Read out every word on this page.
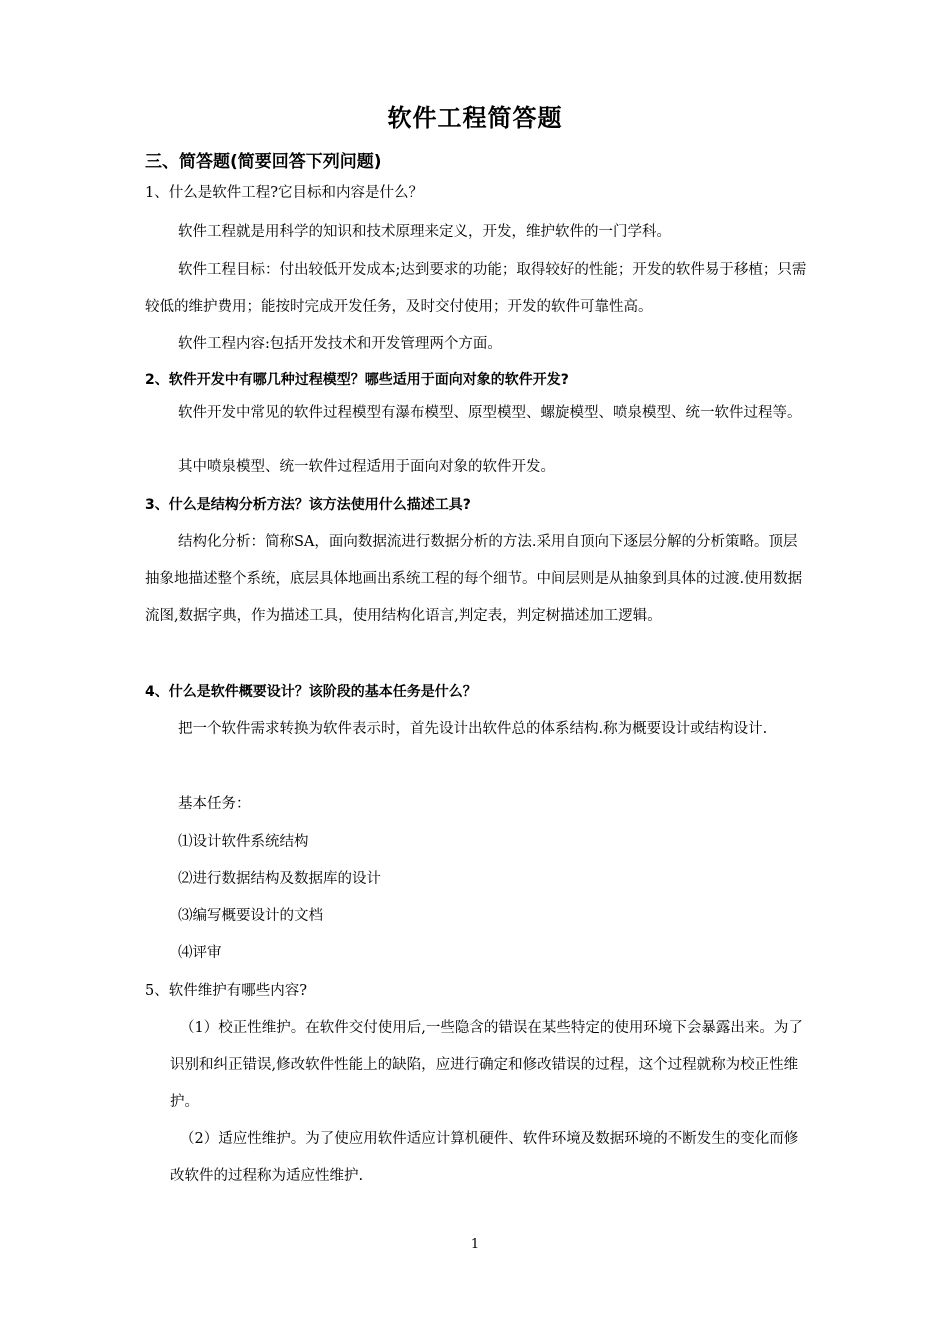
软件工程简答题
三、简答题(简要回答下列问题)
1、什么是软件工程?它目标和内容是什么？
软件工程就是用科学的知识和技术原理来定义，开发，维护软件的一门学科。
软件工程目标：付出较低开发成本;达到要求的功能；取得较好的性能；开发的软件易于移植；只需较低的维护费用；能按时完成开发任务，及时交付使用；开发的软件可靠性高。
软件工程内容:包括开发技术和开发管理两个方面。
2、软件开发中有哪几种过程模型？哪些适用于面向对象的软件开发?
软件开发中常见的软件过程模型有瀑布模型、原型模型、螺旋模型、喷泉模型、统一软件过程等。
其中喷泉模型、统一软件过程适用于面向对象的软件开发。
3、什么是结构分析方法？该方法使用什么描述工具?
结构化分析：简称SA，面向数据流进行数据分析的方法.采用自顶向下逐层分解的分析策略。顶层抽象地描述整个系统，底层具体地画出系统工程的每个细节。中间层则是从抽象到具体的过渡.使用数据流图,数据字典，作为描述工具，使用结构化语言,判定表，判定树描述加工逻辑。
4、什么是软件概要设计？该阶段的基本任务是什么？
把一个软件需求转换为软件表示时，首先设计出软件总的体系结构.称为概要设计或结构设计.
基本任务：
⑴设计软件系统结构
⑵进行数据结构及数据库的设计
⑶编写概要设计的文档
⑷评审
5、软件维护有哪些内容?
（1）校正性维护。在软件交付使用后,一些隐含的错误在某些特定的使用环境下会暴露出来。为了识别和纠正错误,修改软件性能上的缺陷，应进行确定和修改错误的过程，这个过程就称为校正性维护。
（2）适应性维护。为了使应用软件适应计算机硬件、软件环境及数据环境的不断发生的变化而修改软件的过程称为适应性维护.
1
